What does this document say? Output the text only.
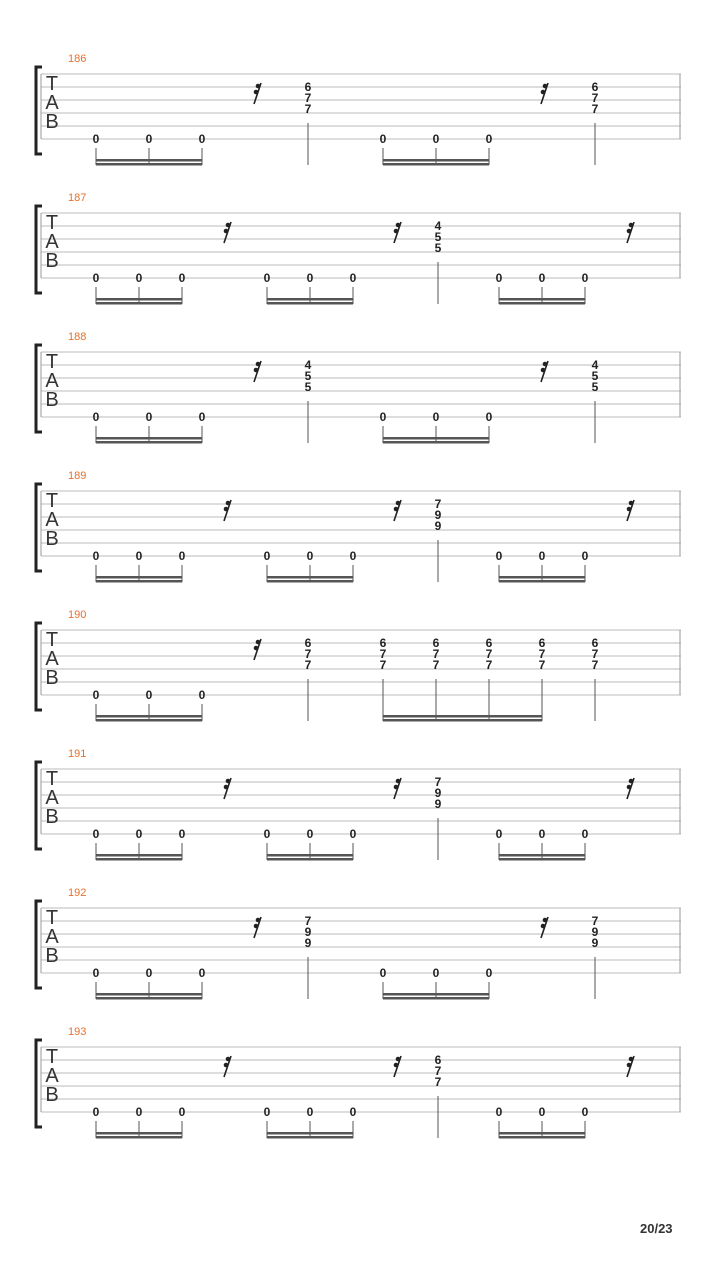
186
T
A
B
0	0	0	0	0	0
6
7
7
6
7
7
187
T
A
B
0	0	0	0	0	0	0	0	0
4
5
5
188
T
A
B
0	0	0	0	0	0
4
5
5
4
5
5
189
T
A
B
0	0	0	0	0	0	0	0	0
7
9
9
190
T
A
B
0	0	0
6
7
7
6
7
7
6
7
7
6
7
7
6
7
7
6
7
7
191
T
A
B
0	0	0	0	0	0	0	0	0
7
9
9
192
T
A
B
0	0	0	0	0	0
7
9
9
7
9
9
193
T
A
B
0	0	0	0	0	0	0	0	0
6
7
7
20/23
